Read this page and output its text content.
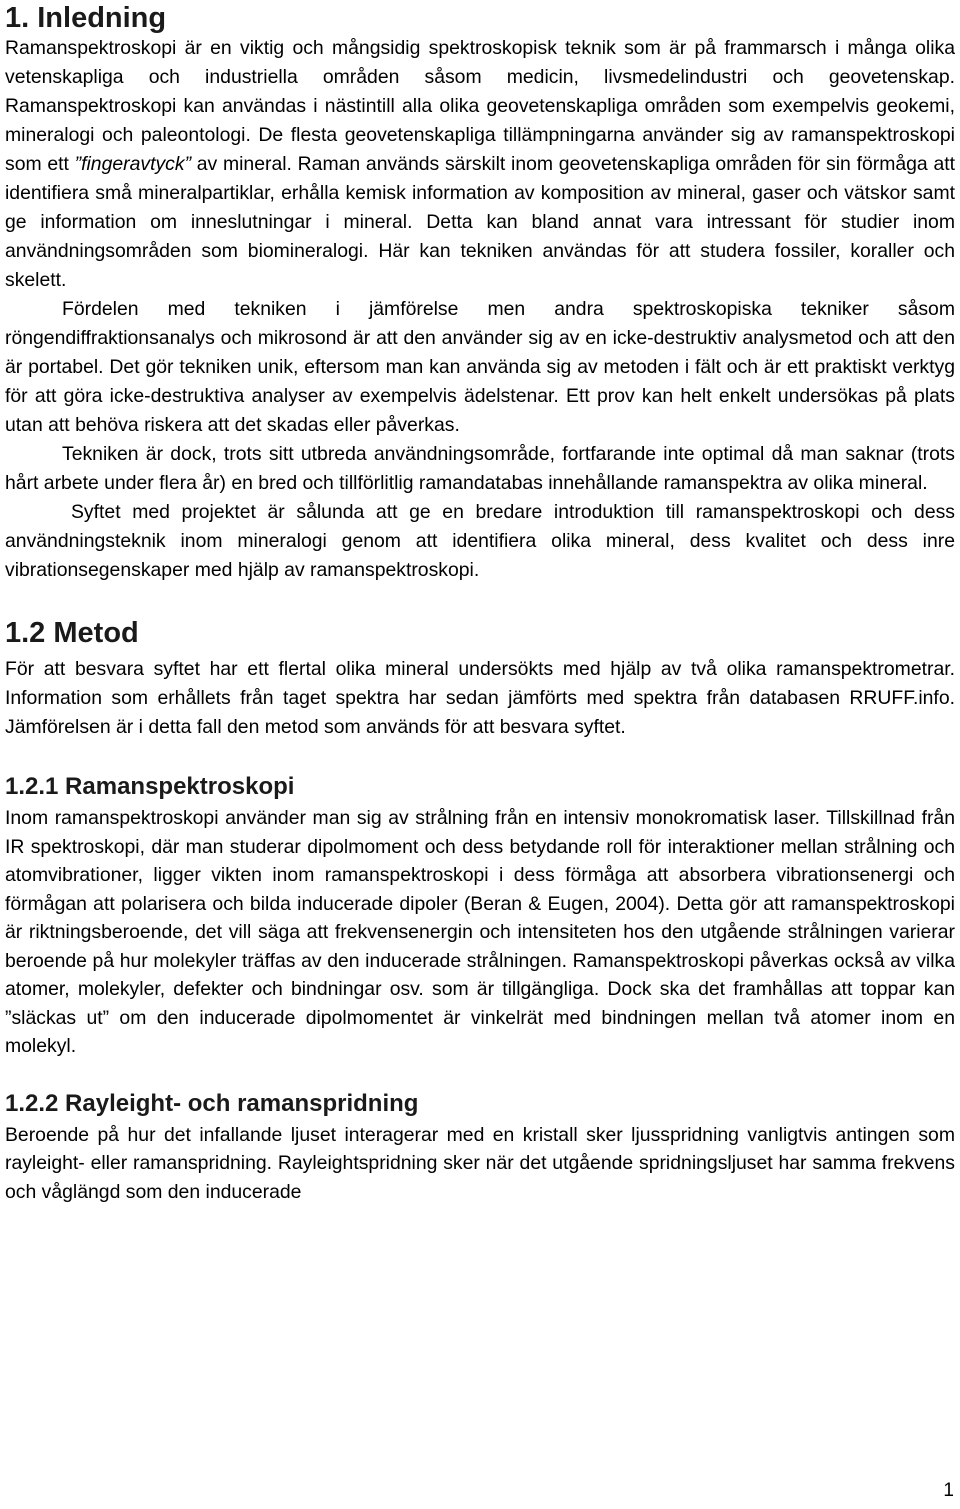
1. Inledning

Ramanspektroskopi är en viktig och mångsidig spektroskopisk teknik som är på frammarsch i många olika vetenskapliga och industriella områden såsom medicin, livsmedelindustri och geovetenskap. Ramanspektroskopi kan användas i nästintill alla olika geovetenskapliga områden som exempelvis geokemi, mineralogi och paleontologi. De flesta geovetenskapliga tillämpningarna använder sig av ramanspektroskopi som ett ”fingeravtyck” av mineral. Raman används särskilt inom geovetenskapliga områden för sin förmåga att identifiera små mineralpartiklar, erhålla kemisk information av komposition av mineral, gaser och vätskor samt ge information om inneslutningar i mineral. Detta kan bland annat vara intressant för studier inom användningsområden som biomineralogi. Här kan tekniken användas för att studera fossiler, koraller och skelett.

Fördelen med tekniken i jämförelse men andra spektroskopiska tekniker såsom röngendiffraktionsanalys och mikrosond är att den använder sig av en icke-destruktiv analysmetod och att den är portabel. Det gör tekniken unik, eftersom man kan använda sig av metoden i fält och är ett praktiskt verktyg för att göra icke-destruktiva analyser av exempelvis ädelstenar. Ett prov kan helt enkelt undersökas på plats utan att behöva riskera att det skadas eller påverkas.

Tekniken är dock, trots sitt utbreda användningsområde, fortfarande inte optimal då man saknar (trots hårt arbete under flera år) en bred och tillförlitlig ramandatabas innehållande ramanspektra av olika mineral.

Syftet med projektet är sålunda att ge en bredare introduktion till ramanspektroskopi och dess användningsteknik inom mineralogi genom att identifiera olika mineral, dess kvalitet och dess inre vibrationsegenskaper med hjälp av ramanspektroskopi.

1.2 Metod

För att besvara syftet har ett flertal olika mineral undersökts med hjälp av två olika ramanspektrometrar. Information som erhållets från taget spektra har sedan jämförts med spektra från databasen RRUFF.info. Jämförelsen är i detta fall den metod som används för att besvara syftet.

1.2.1 Ramanspektroskopi

Inom ramanspektroskopi använder man sig av strålning från en intensiv monokromatisk laser. Tillskillnad från IR spektroskopi, där man studerar dipolmoment och dess betydande roll för interaktioner mellan strålning och atomvibrationer, ligger vikten inom ramanspektroskopi i dess förmåga att absorbera vibrationsenergi och förmågan att polarisera och bilda inducerade dipoler (Beran & Eugen, 2004). Detta gör att ramanspektroskopi är riktningsberoende, det vill säga att frekvensenergin och intensiteten hos den utgående strålningen varierar beroende på hur molekyler träffas av den inducerade strålningen. Ramanspektroskopi påverkas också av vilka atomer, molekyler, defekter och bindningar osv. som är tillgängliga. Dock ska det framhållas att toppar kan ”släckas ut” om den inducerade dipolmomentet är vinkelrät med bindningen mellan två atomer inom en molekyl.

1.2.2 Rayleight- och ramanspridning

Beroende på hur det infallande ljuset interagerar med en kristall sker ljusspridning vanligtvis antingen som rayleight- eller ramanspridning. Rayleightspridning sker när det utgående spridningsljuset har samma frekvens och våglängd som den inducerade

1
